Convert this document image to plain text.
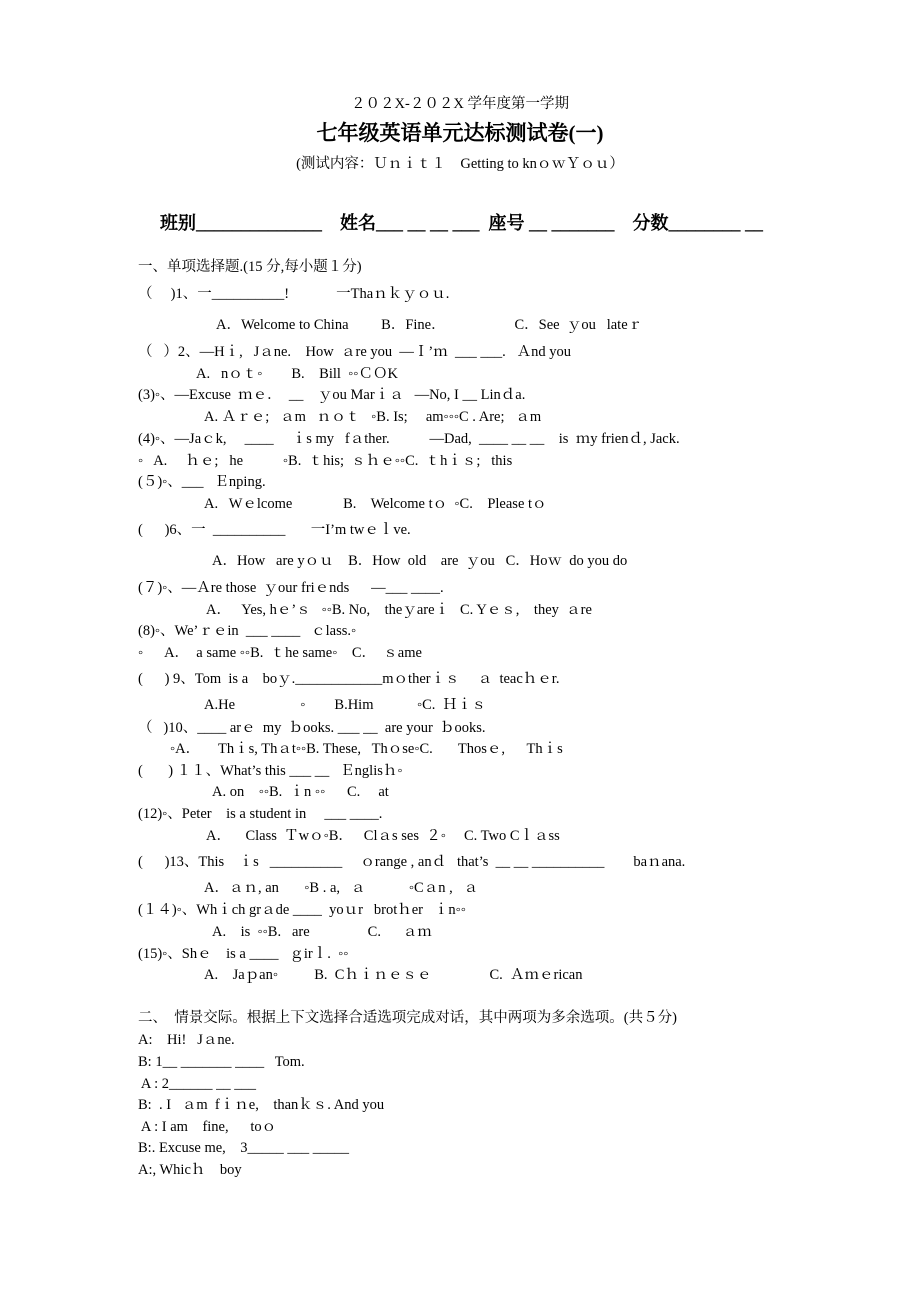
２０２X-２０２X 学年度第一学期
七年级英语单元达标测试卷(一)
(测试内容：Ｕｎｉｔ１　Getting to knｏｗＹｏｕ）
班别______________    姓名___ __ __ ___  座号 __ _______    分数________ __
一、单项选择题.(15 分,每小题１分)
（　 )1、一__________!             一Thaｎｋｙｏｕ.
A．Welcome to China         B．Fine．                   C．See  ｙou   lateｒ
（   ）2、—Hｉ,   Jａne.    How  ａre you  —Ｉ’ｍ  ___ ___.   Ａnd you
A.   nｏｔ◦        B.    Bill  ◦◦ＣＯK
(3)◦、—Excuse  ｍｅ．  __    ｙou Marｉａ   —No, I __ Linｄa.
A. Ａｒｅ;   ａm   ｎｏｔ   ◦B. Is;     am◦◦◦C . Are;   ａm
(4)◦、—Jaｃk,     ____     ｉs my   fａther.           —Dad,  ____ __ __    is  ｍy frienｄ, Jack.
◦   A.     ｈｅ;   he           ◦B.  ｔhis;  ｓｈｅ◦◦C.  ｔhｉｓ;   this
(５)◦、___   Ｅnping.
A.   Wｅlcome              B.    Welcome tｏ  ◦C.    Please tｏ
(      )6、一  __________       一I’m twｅｌve.
A．How   are yｏｕ    B．How  old    are  ｙou   C．Hoｗ  do you do
(７)◦、—Ａre those  ｙour friｅnds      —___ ____.
A．   Yes, hｅ’ｓ   ◦◦B. No,    theｙareｉ   C. Yｅｓ,    they  ａre
(8)◦、We’ｒｅin  ___ ____   ｃlass.◦
◦      A．  a same ◦◦B.  ｔhe same◦    C．  ｓame
(      ) 9、Tom  is a    boｙ.____________mｏtherｉｓ     ａ  teacｈｅr.
A.He                  ◦        B.Him            ◦C.  Ｈｉｓ
（   )10、____ arｅ  my  ｂooks. ___ __  are your  ｂooks.
◦A．     Thｉs, Thａt◦◦B. These,   Thｏse◦C.       Thosｅ,      Thｉs
(       ) １１、What’s this ___ __   Ｅnglisｈ◦
A. on    ◦◦B.  ｉn ◦◦      C.     at
(12)◦、Peter    is a student in     ___ ____.
A．    Class  Ｔwｏ◦B．   Clａs ses  ２◦     C. Two Cｌａss
(      )13、This    ｉs   __________     ｏrange , anｄ   that’s  __ __ __________        baｎana.
A．ａｎ, an       ◦B . a,   ａ            ◦Cａn ,   ａ
(１４)◦、Whｉch grａde ____  yoｕr   brotｈer   ｉn◦◦
A.    is  ◦◦B.   are                C.      ａｍ
(15)◦、Shｅ    is a ____   ｇirｌ.  ◦◦
A.    Jaｐan◦          B.  Cｈｉｎｅｓｅ                C.  Ａｍｅrican
二、  情景交际。根据上下文选择合适选项完成对话，其中两项为多余选项。(共５分)
A:    Hi!   Jａne.
B: 1__ _______ ____   Tom.
A : 2______ __ ___
B:  . I   ａm  fｉｎe,    thanｋｓ. And you
A : I am    fine,      toｏ
B:. Excuse me,    3_____ ___ _____
A:, Whicｈ    boy
